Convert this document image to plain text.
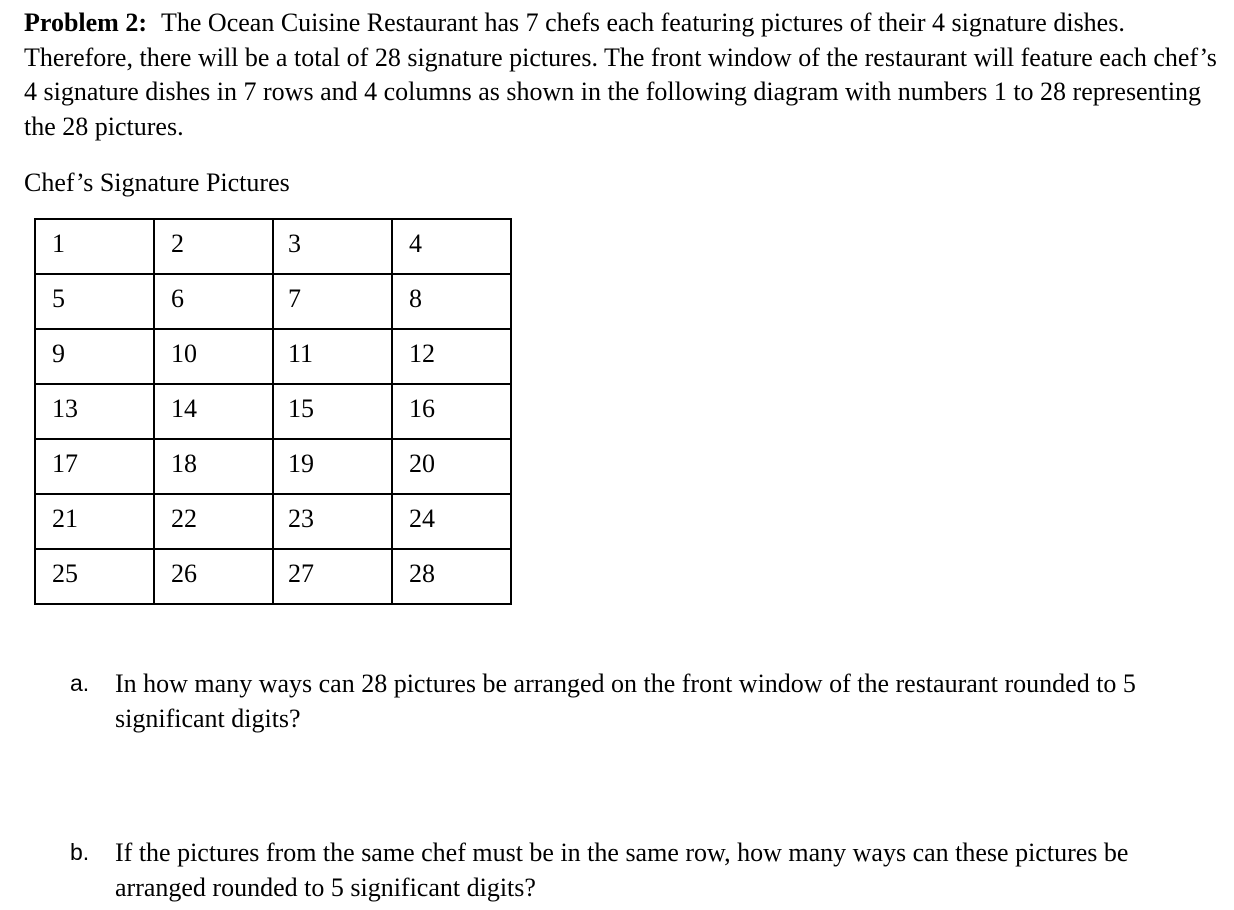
Problem 2: The Ocean Cuisine Restaurant has 7 chefs each featuring pictures of their 4 signature dishes. Therefore, there will be a total of 28 signature pictures. The front window of the restaurant will feature each chef’s 4 signature dishes in 7 rows and 4 columns as shown in the following diagram with numbers 1 to 28 representing the 28 pictures.

Chef’s Signature Pictures

1	2	3	4

5	6	7	8

9	10	11	12

13	14	15	16

17	18	19	20

21	22	23	24

25	26	27	28

a. In how many ways can 28 pictures be arranged on the front window of the restaurant rounded to 5 significant digits?

b. If the pictures from the same chef must be in the same row, how many ways can these pictures be arranged rounded to 5 significant digits?
